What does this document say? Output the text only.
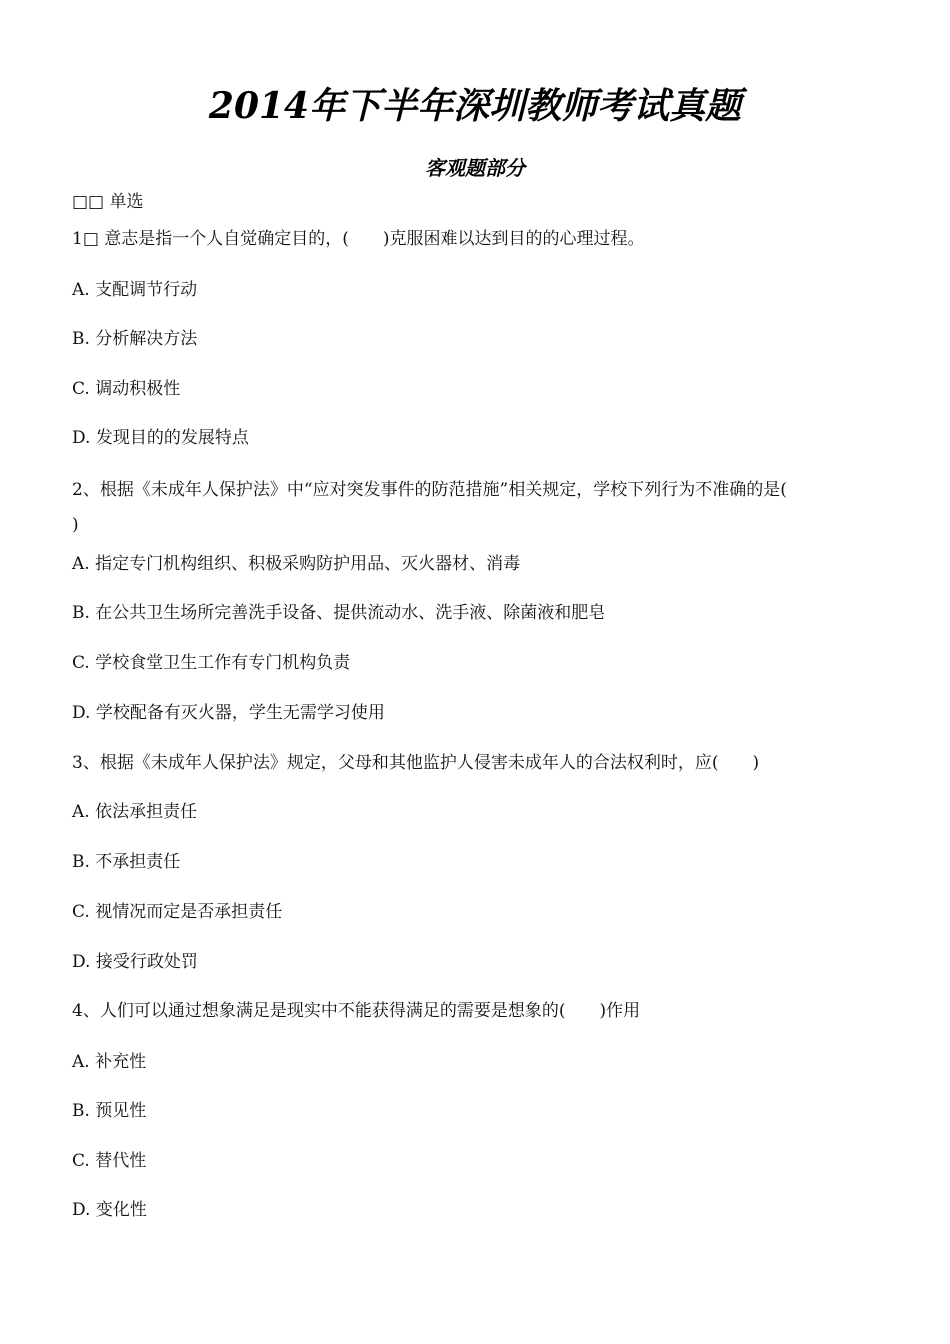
2014年下半年深圳教师考试真题
客观题部分
□□ 单选
1□ 意志是指一个人自觉确定目的，(　　)克服困难以达到目的的心理过程。
A. 支配调节行动
B. 分析解决方法
C. 调动积极性
D. 发现目的的发展特点
2、根据《未成年人保护法》中“应对突发事件的防范措施”相关规定，学校下列行为不准确的是(
)
A. 指定专门机构组织、积极采购防护用品、灭火器材、消毒
B. 在公共卫生场所完善洗手设备、提供流动水、洗手液、除菌液和肥皂
C. 学校食堂卫生工作有专门机构负责
D. 学校配备有灭火器，学生无需学习使用
3、根据《未成年人保护法》规定，父母和其他监护人侵害未成年人的合法权利时，应(　　)
A. 依法承担责任
B. 不承担责任
C. 视情况而定是否承担责任
D. 接受行政处罚
4、人们可以通过想象满足是现实中不能获得满足的需要是想象的(　　)作用
A. 补充性
B. 预见性
C. 替代性
D. 变化性
